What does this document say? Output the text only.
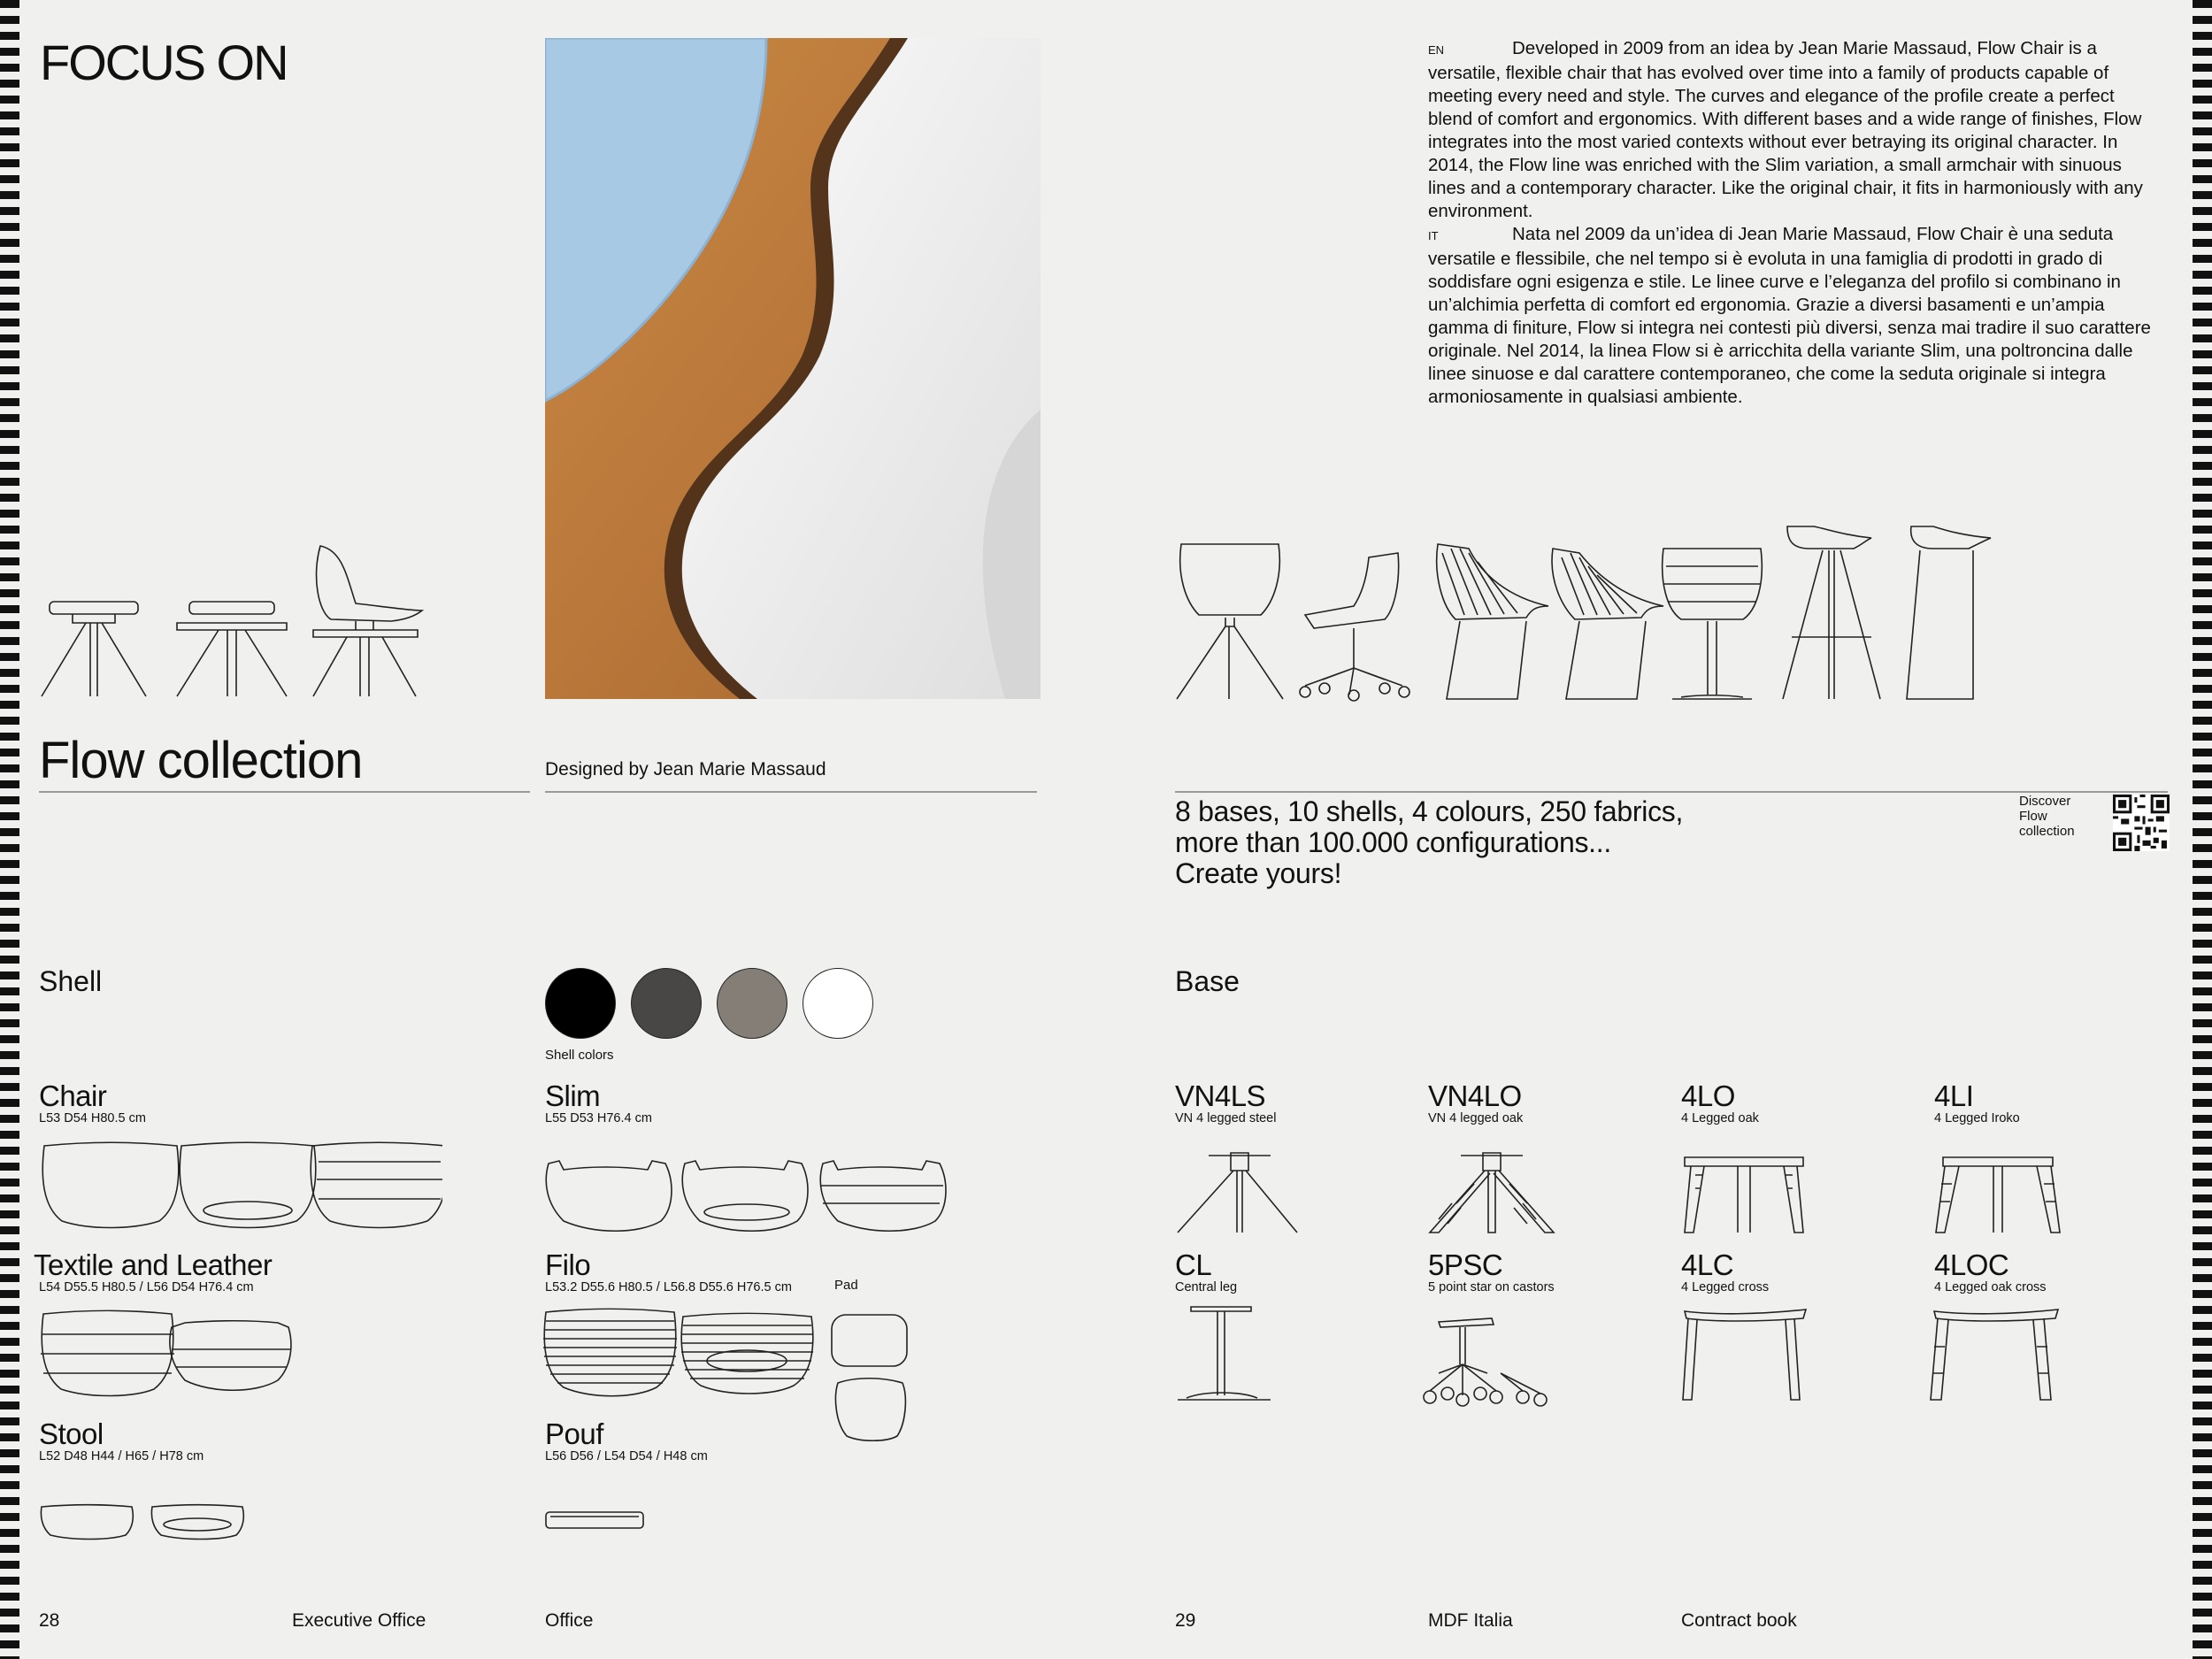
FOCUS ON	EN	Developed in 2009 from an idea by Jean Marie Massaud, Flow Chair is a versatile, flexible chair that has evolved over time into a family of products capable of meeting every need and style. The curves and elegance of the profile create a perfect blend of comfort and ergonomics. With different bases and a wide range of finishes, Flow integrates into the most varied contexts without ever betraying its original character. In 2014, the Flow line was enriched with the Slim variation, a small armchair with sinuous lines and a contemporary character. Like the original chair, it fits in harmoniously with any environment.

IT	Nata nel 2009 da un’idea di Jean Marie Massaud, Flow Chair è una seduta versatile e flessibile, che nel tempo si è evoluta in una famiglia di prodotti in grado di soddisfare ogni esigenza e stile. Le linee curve e l’eleganza del profilo si combinano in un’alchimia perfetta di comfort ed ergonomia. Grazie a diversi basamenti e un’ampia gamma di finiture, Flow si integra nei contesti più diversi, senza mai tradire il suo carattere originale. Nel 2014, la linea Flow si è arricchita della variante Slim, una poltroncina dalle linee sinuose e dal carattere contemporaneo, che come la seduta originale si integra armoniosamente in qualsiasi ambiente.

Flow collection	Designed by Jean Marie Massaud
8 bases, 10 shells, 4 colours, 250 fabrics,
more than 100.000 configurations...
Create yours!
Discover
Flow
collection
Shell
Shell colors
Chair
L53 D54 H80.5 cm
Slim
L55 D53 H76.4 cm
Textile and Leather
L54 D55.5 H80.5 / L56 D54 H76.4 cm
Filo
L53.2 D55.6 H80.5 / L56.8 D55.6 H76.5 cm	Pad
Stool
L52 D48 H44 / H65 / H78 cm
Pouf
L56 D56 / L54 D54 / H48 cm
Base
VN4LS
VN 4 legged steel
VN4LO
VN 4 legged oak
4LO
4 Legged oak
4LI
4 Legged Iroko
CL
Central leg
5PSC
5 point star on castors
4LC
4 Legged cross
4LOC
4 Legged oak cross
28	Executive Office	Office	29	MDF Italia	Contract book
